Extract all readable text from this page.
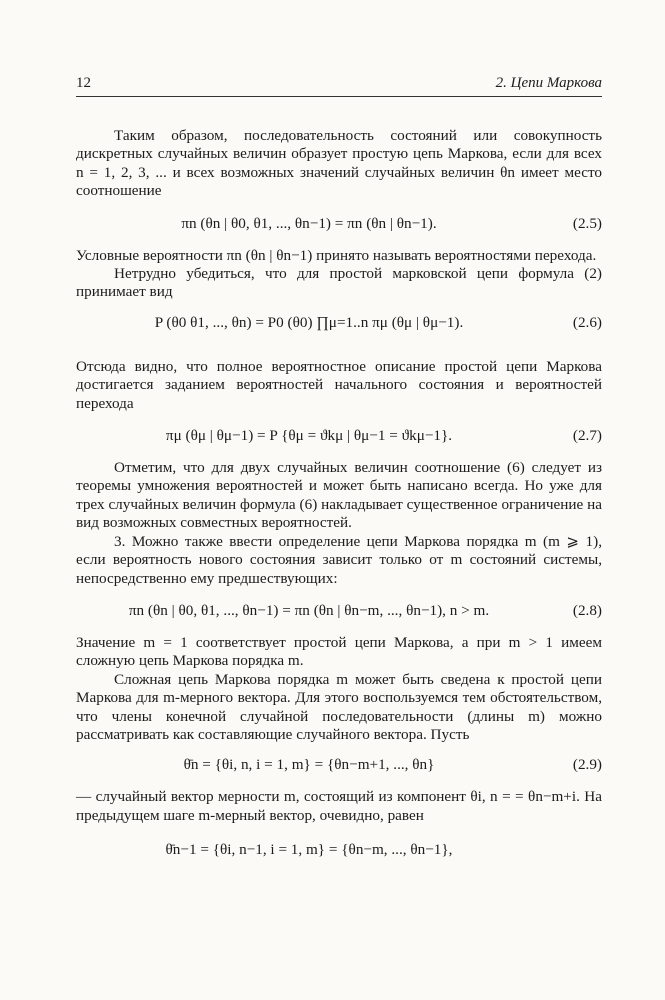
12	2. Цепи Маркова

Таким образом, последовательность состояний или совокупность дискретных случайных величин образует простую цепь Маркова, если для всех n = 1, 2, 3, ... и всех возможных значений случайных величин θn имеет место соотношение

πn (θn | θ0, θ1, ..., θn−1) = πn (θn | θn−1).	(2.5)

Условные вероятности πn (θn | θn−1) принято называть вероятностями перехода.

Нетрудно убедиться, что для простой марковской цепи формула (2) принимает вид

P (θ0 θ1, ..., θn) = P0 (θ0) ∏μ=1..n πμ (θμ | θμ−1).	(2.6)

Отсюда видно, что полное вероятностное описание простой цепи Маркова достигается заданием вероятностей начального состояния и вероятностей перехода

πμ (θμ | θμ−1) = P {θμ = ϑkμ | θμ−1 = ϑkμ−1}.	(2.7)

Отметим, что для двух случайных величин соотношение (6) следует из теоремы умножения вероятностей и может быть написано всегда. Но уже для трех случайных величин формула (6) накладывает существенное ограничение на вид возможных совместных вероятностей.

3. Можно также ввести определение цепи Маркова порядка m (m ⩾ 1), если вероятность нового состояния зависит только от m состояний системы, непосредственно ему предшествующих:

πn (θn | θ0, θ1, ..., θn−1) = πn (θn | θn−m, ..., θn−1), n > m.	(2.8)

Значение m = 1 соответствует простой цепи Маркова, а при m > 1 имеем сложную цепь Маркова порядка m.

Сложная цепь Маркова порядка m может быть сведена к простой цепи Маркова для m-мерного вектора. Для этого воспользуемся тем обстоятельством, что члены конечной случайной последовательности (длины m) можно рассматривать как составляющие случайного вектора. Пусть

θ̄n = {θi, n, i = 1, m} = {θn−m+1, ..., θn}	(2.9)

— случайный вектор мерности m, состоящий из компонент θi, n = = θn−m+i. На предыдущем шаге m-мерный вектор, очевидно, равен

θ̄n−1 = {θi, n−1, i = 1, m} = {θn−m, ..., θn−1},
